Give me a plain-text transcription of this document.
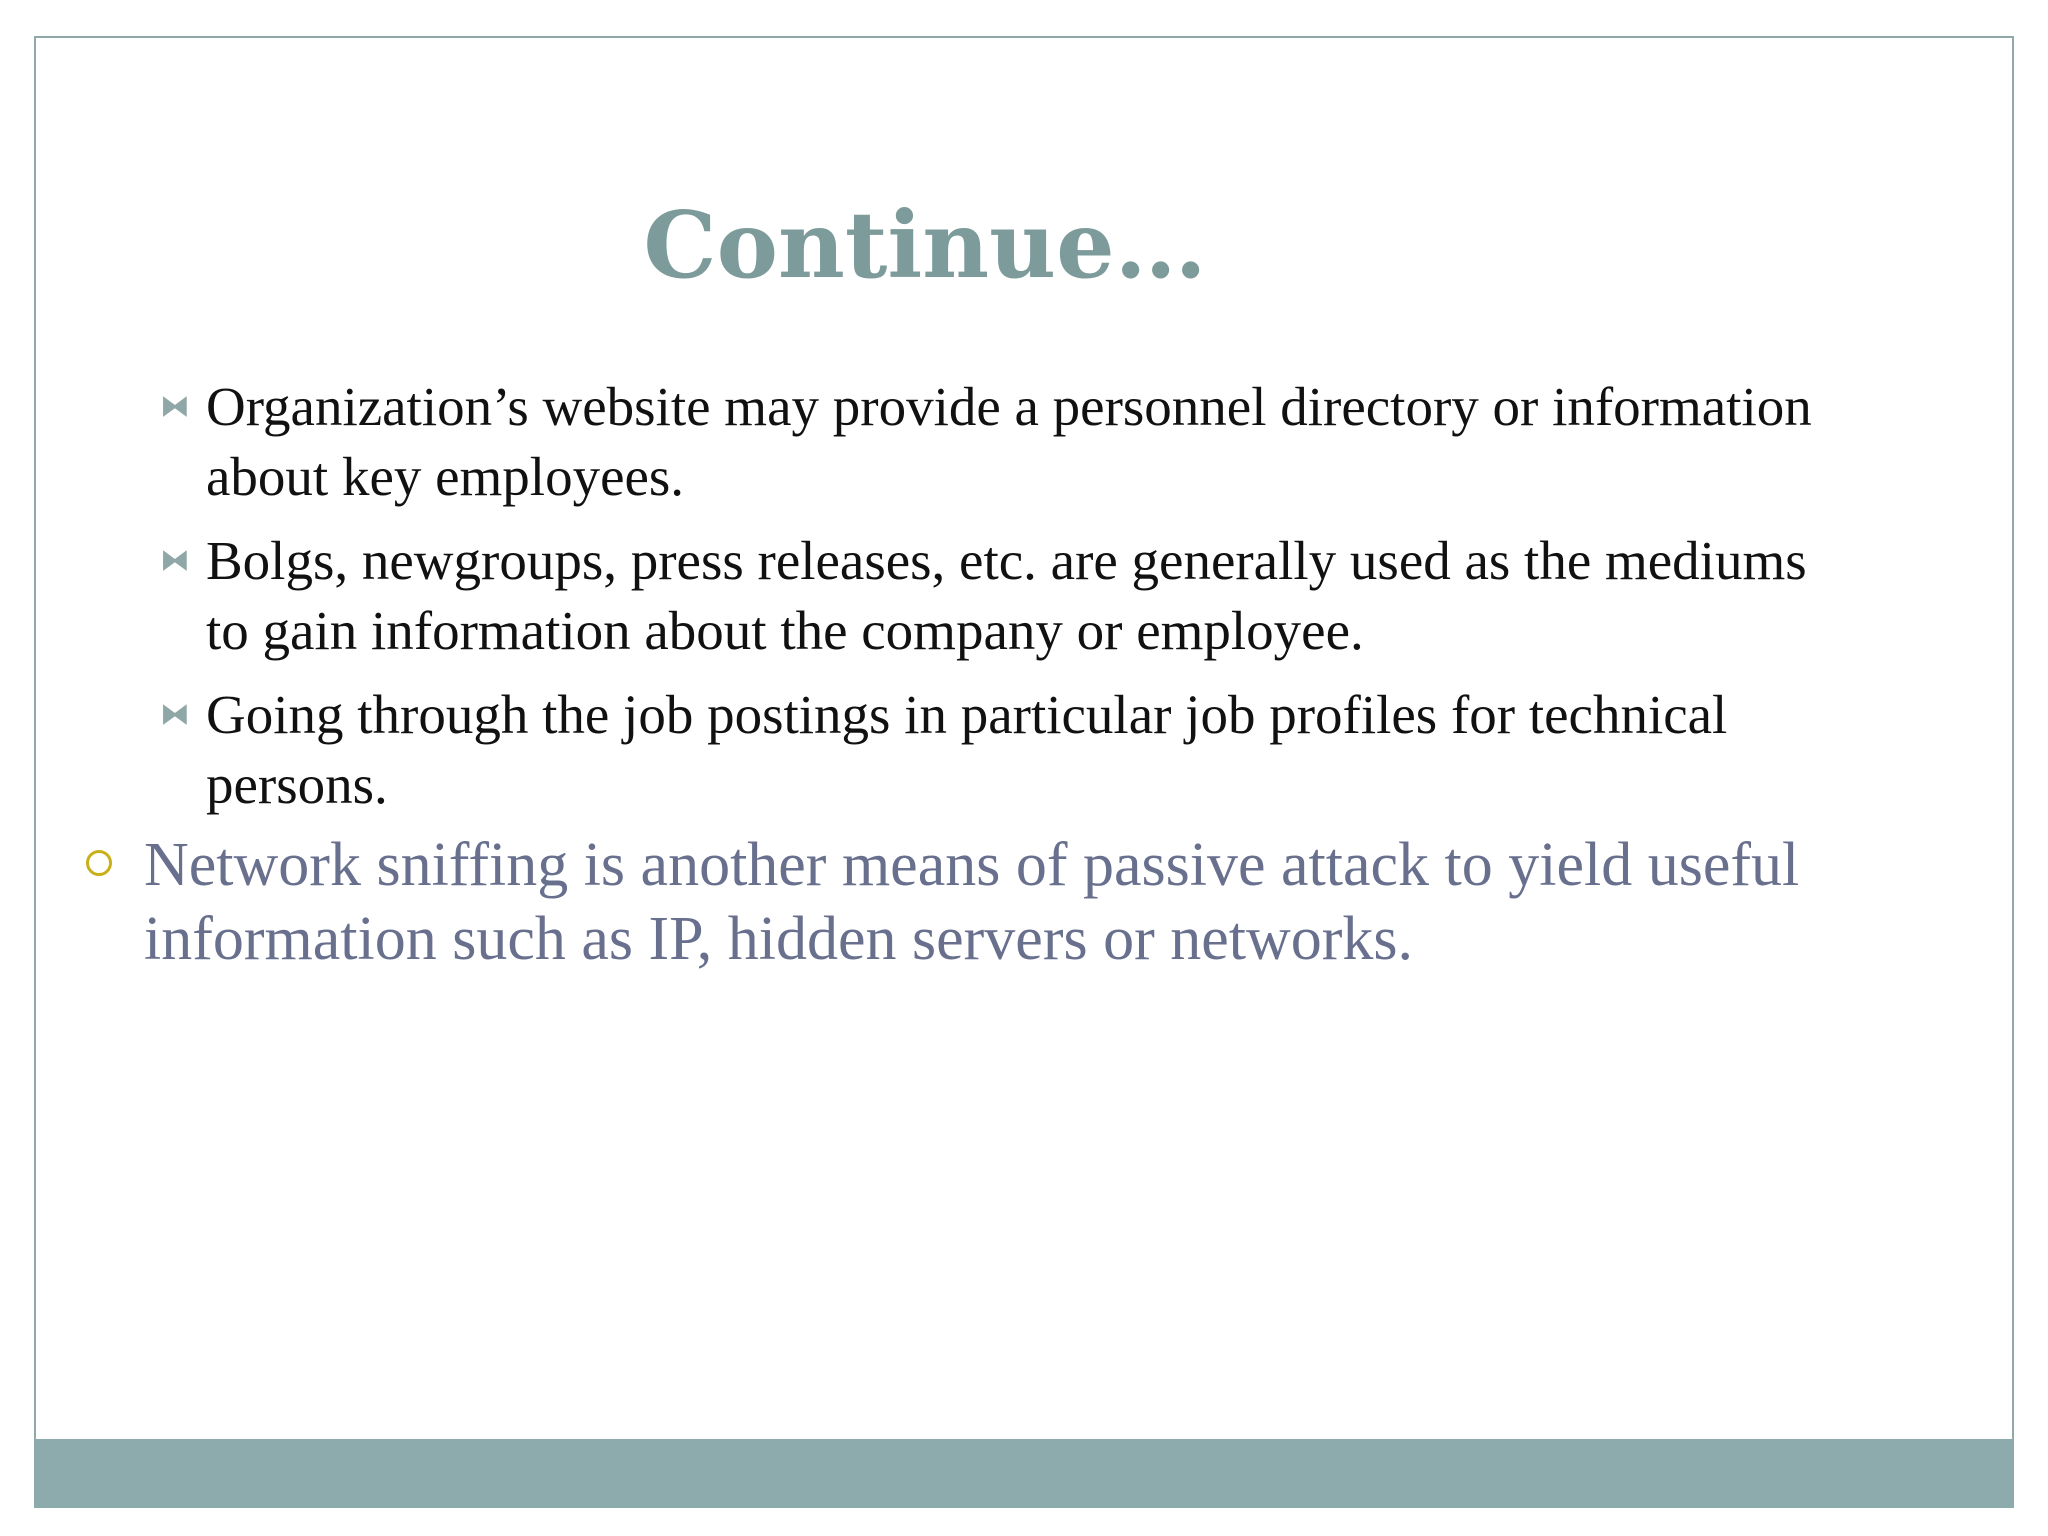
Continue…
⧓ Organization’s website may provide a personnel directory or information about key employees.
⧓ Bolgs, newgroups, press releases, etc. are generally used as the mediums to gain information about the company or employee.
⧓ Going through the job postings in particular job profiles for technical persons.
Network sniffing is another means of passive attack to yield useful information such as IP, hidden servers or networks.
